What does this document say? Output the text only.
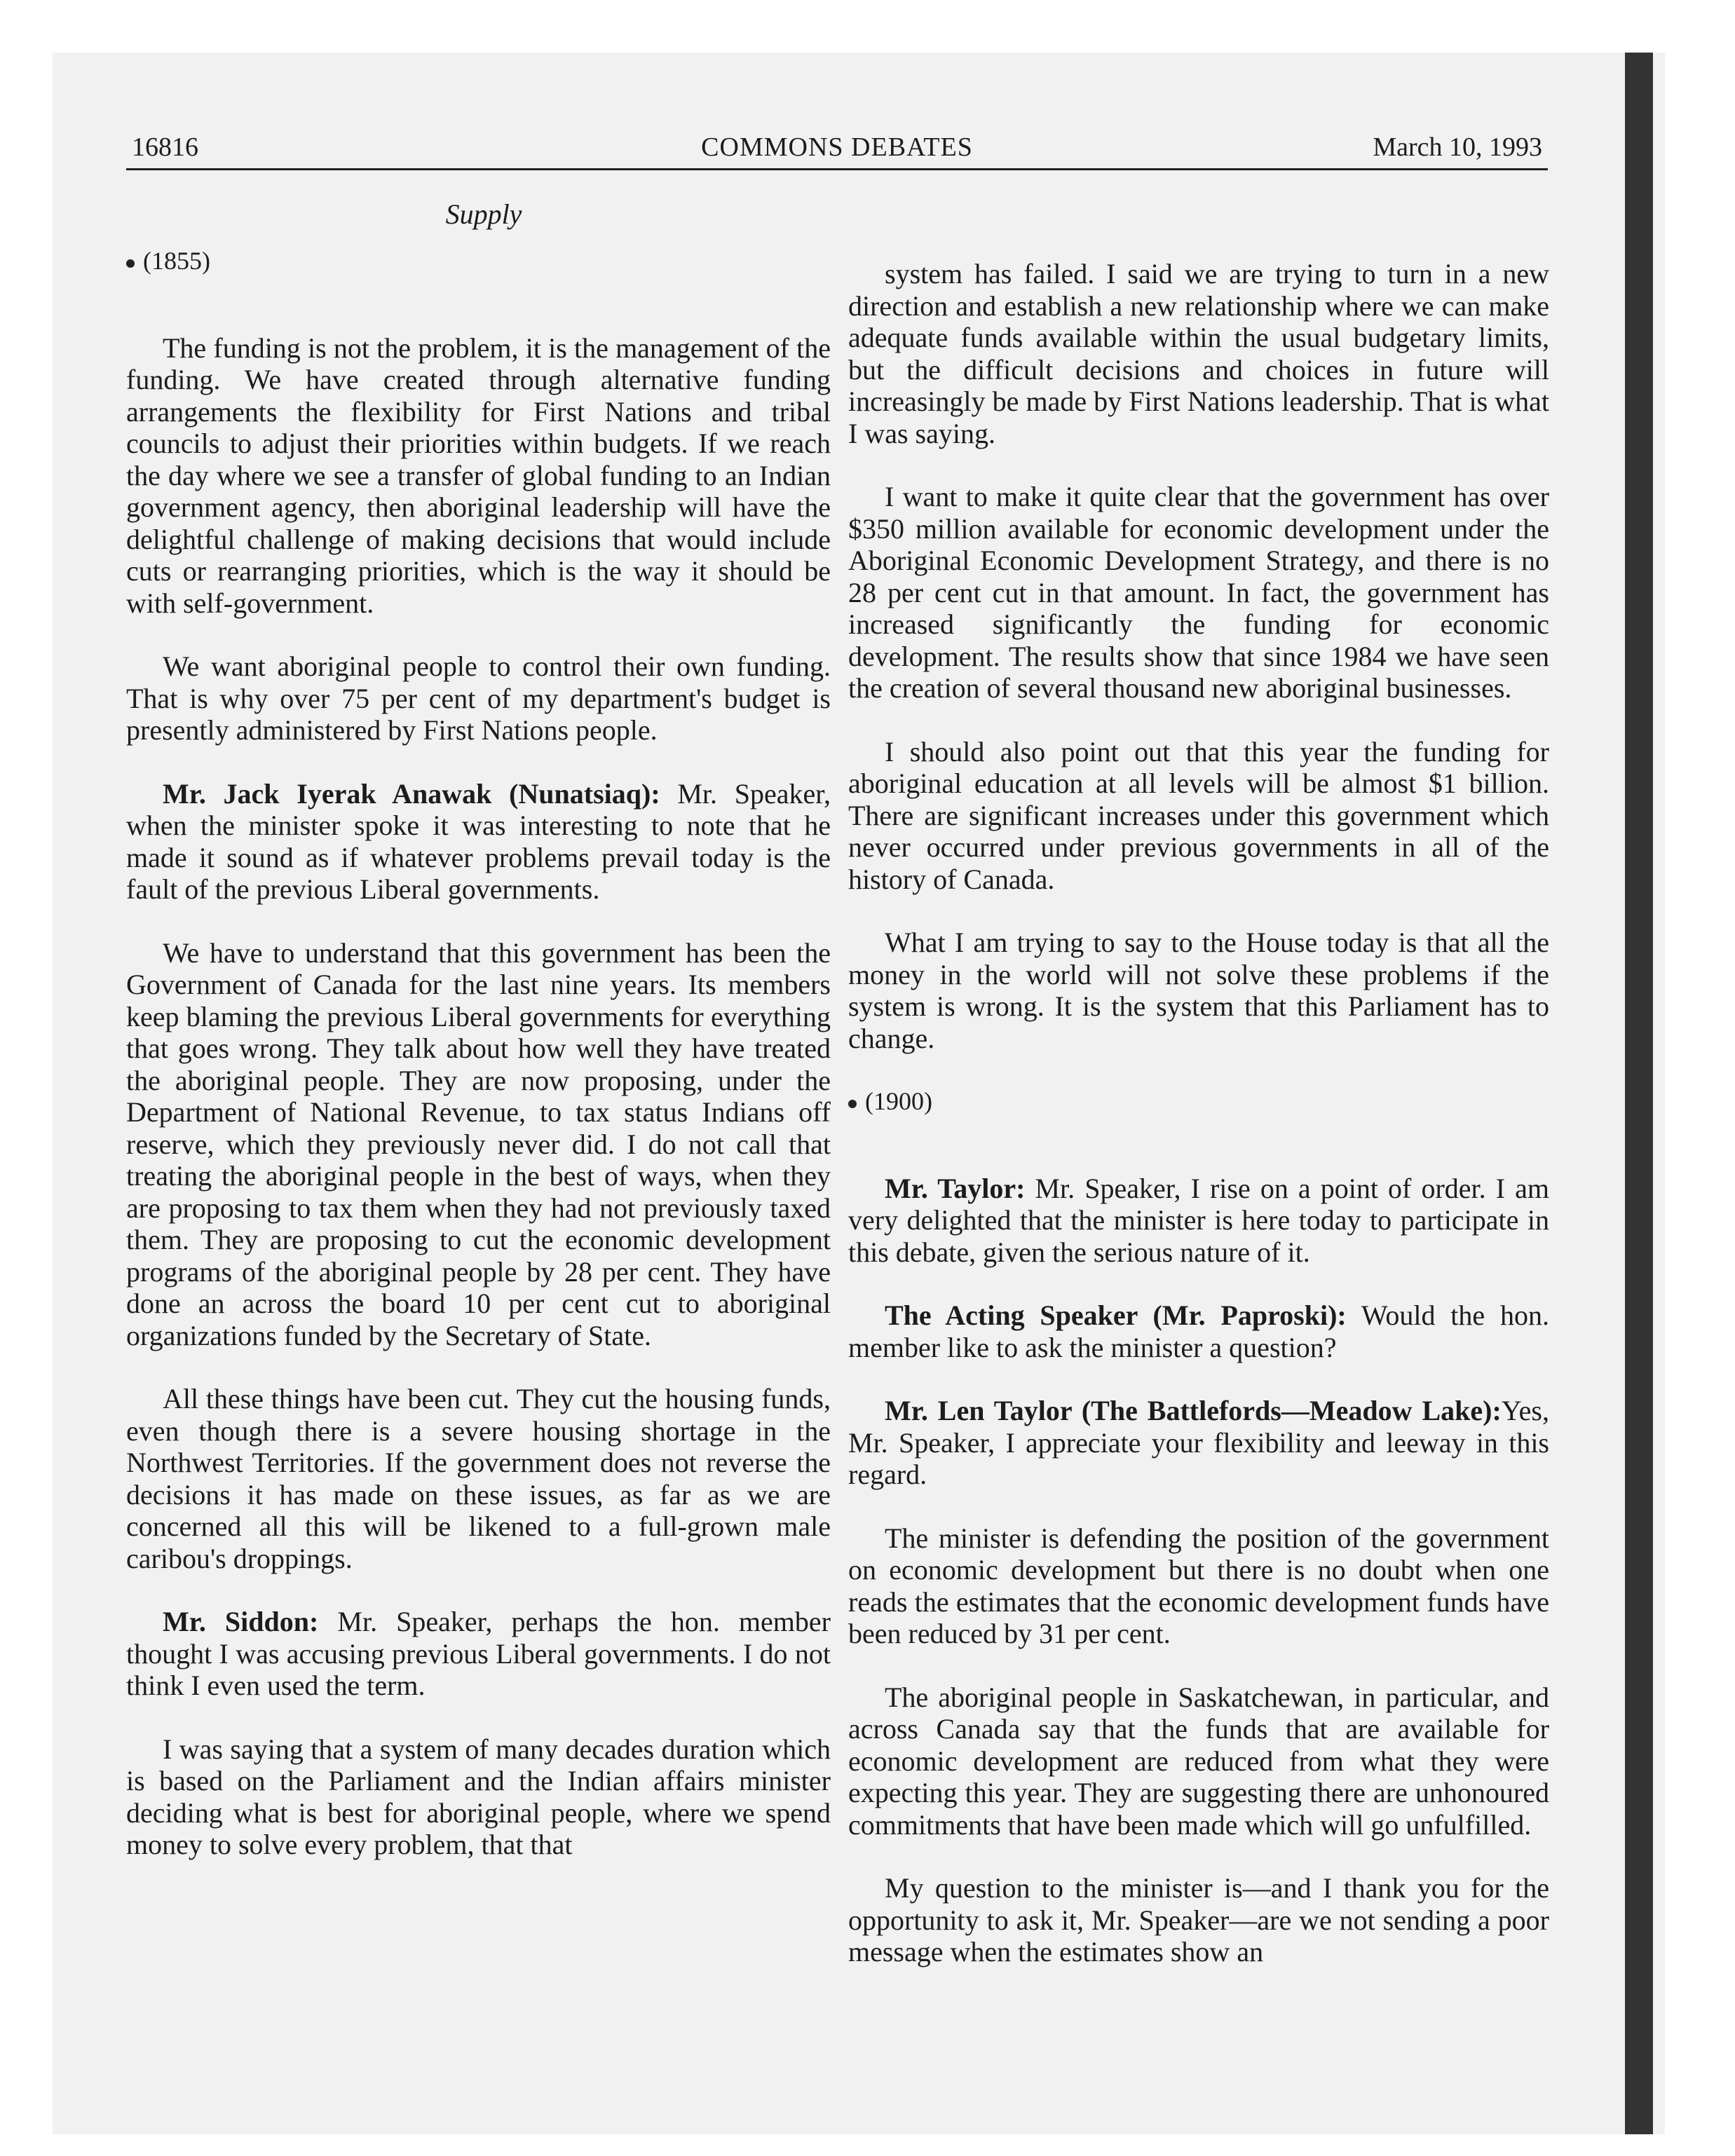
16816	COMMONS DEBATES	March 10, 1993
Supply

(1855)

The funding is not the problem, it is the management of the funding. We have created through alternative funding arrangements the flexibility for First Nations and tribal councils to adjust their priorities within budgets. If we reach the day where we see a transfer of global funding to an Indian government agency, then aboriginal leadership will have the delightful challenge of making decisions that would include cuts or rearranging priorities, which is the way it should be with self-government.

We want aboriginal people to control their own funding. That is why over 75 per cent of my department's budget is presently administered by First Nations people.

Mr. Jack Iyerak Anawak (Nunatsiaq): Mr. Speaker, when the minister spoke it was interesting to note that he made it sound as if whatever problems prevail today is the fault of the previous Liberal governments.

We have to understand that this government has been the Government of Canada for the last nine years. Its members keep blaming the previous Liberal governments for everything that goes wrong. They talk about how well they have treated the aboriginal people. They are now proposing, under the Department of National Revenue, to tax status Indians off reserve, which they previously never did. I do not call that treating the aboriginal people in the best of ways, when they are proposing to tax them when they had not previously taxed them. They are proposing to cut the economic development programs of the aboriginal people by 28 per cent. They have done an across the board 10 per cent cut to aboriginal organizations funded by the Secretary of State.

All these things have been cut. They cut the housing funds, even though there is a severe housing shortage in the Northwest Territories. If the government does not reverse the decisions it has made on these issues, as far as we are concerned all this will be likened to a full-grown male caribou's droppings.

Mr. Siddon: Mr. Speaker, perhaps the hon. member thought I was accusing previous Liberal governments. I do not think I even used the term.

I was saying that a system of many decades duration which is based on the Parliament and the Indian affairs minister deciding what is best for aboriginal people, where we spend money to solve every problem, that that

system has failed. I said we are trying to turn in a new direction and establish a new relationship where we can make adequate funds available within the usual budgetary limits, but the difficult decisions and choices in future will increasingly be made by First Nations leadership. That is what I was saying.

I want to make it quite clear that the government has over $350 million available for economic development under the Aboriginal Economic Development Strategy, and there is no 28 per cent cut in that amount. In fact, the government has increased significantly the funding for economic development. The results show that since 1984 we have seen the creation of several thousand new aboriginal businesses.

I should also point out that this year the funding for aboriginal education at all levels will be almost $1 billion. There are significant increases under this government which never occurred under previous governments in all of the history of Canada.

What I am trying to say to the House today is that all the money in the world will not solve these problems if the system is wrong. It is the system that this Parliament has to change.

(1900)

Mr. Taylor: Mr. Speaker, I rise on a point of order. I am very delighted that the minister is here today to participate in this debate, given the serious nature of it.

The Acting Speaker (Mr. Paproski): Would the hon. member like to ask the minister a question?

Mr. Len Taylor (The Battlefords—Meadow Lake):Yes, Mr. Speaker, I appreciate your flexibility and leeway in this regard.

The minister is defending the position of the government on economic development but there is no doubt when one reads the estimates that the economic development funds have been reduced by 31 per cent.

The aboriginal people in Saskatchewan, in particular, and across Canada say that the funds that are available for economic development are reduced from what they were expecting this year. They are suggesting there are unhonoured commitments that have been made which will go unfulfilled.

My question to the minister is—and I thank you for the opportunity to ask it, Mr. Speaker—are we not sending a poor message when the estimates show an
